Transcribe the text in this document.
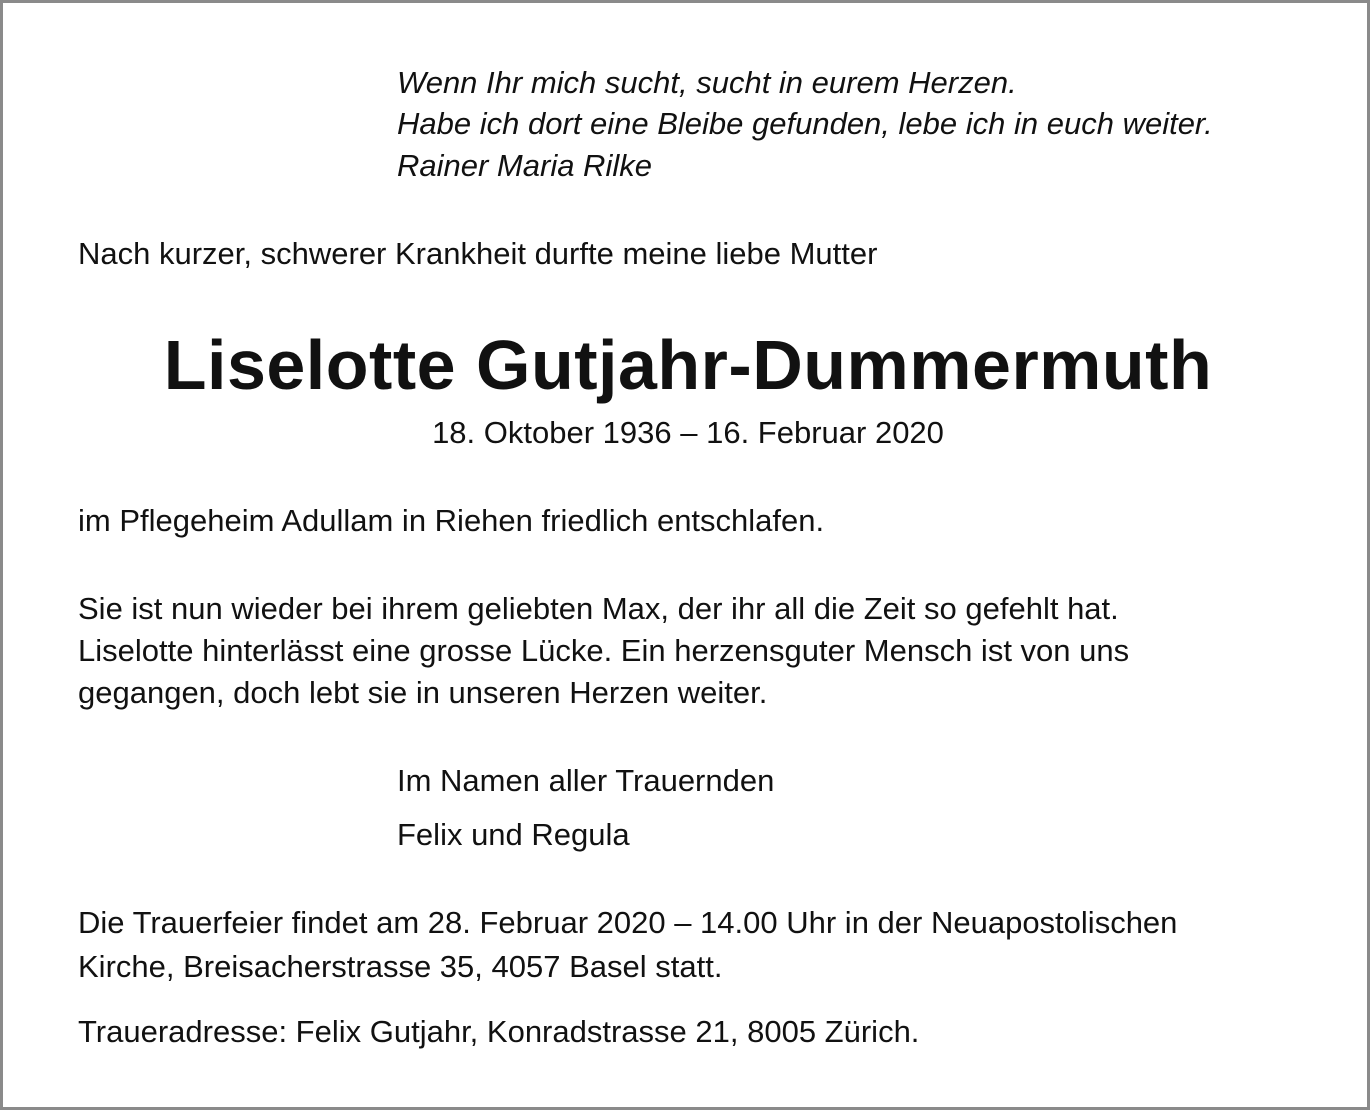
Wenn Ihr mich sucht, sucht in eurem Herzen.
Habe ich dort eine Bleibe gefunden, lebe ich in euch weiter.
Rainer Maria Rilke
Nach kurzer, schwerer Krankheit durfte meine liebe Mutter
Liselotte Gutjahr-Dummermuth
18. Oktober 1936 – 16. Februar 2020
im Pflegeheim Adullam in Riehen friedlich entschlafen.
Sie ist nun wieder bei ihrem geliebten Max, der ihr all die Zeit so gefehlt hat.
Liselotte hinterlässt eine grosse Lücke. Ein herzensguter Mensch ist von uns
gegangen, doch lebt sie in unseren Herzen weiter.
Im Namen aller Trauernden
Felix und Regula
Die Trauerfeier findet am 28. Februar 2020 – 14.00 Uhr in der Neuapostolischen
Kirche, Breisacherstrasse 35, 4057 Basel statt.
Traueradresse: Felix Gutjahr, Konradstrasse 21, 8005 Zürich.
